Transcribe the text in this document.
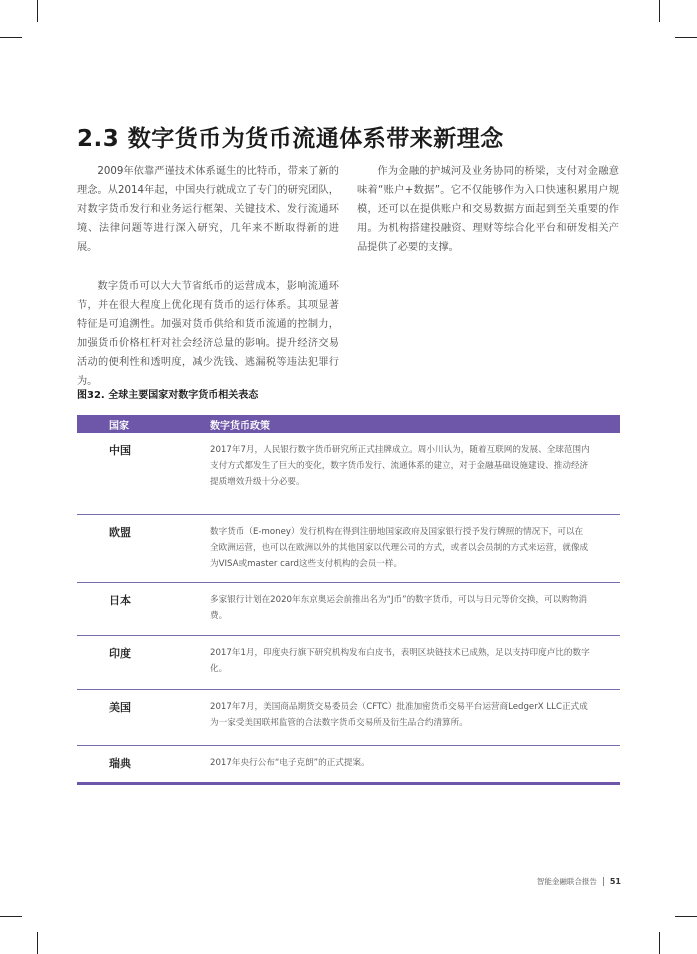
2.3 数字货币为货币流通体系带来新理念

2009年依靠严谨技术体系诞生的比特币，带来了新的理念。从2014年起，中国央行就成立了专门的研究团队，对数字货币发行和业务运行框架、关键技术、发行流通环境、法律问题等进行深入研究，几年来不断取得新的进展。

数字货币可以大大节省纸币的运营成本，影响流通环节，并在很大程度上优化现有货币的运行体系。其项显著特征是可追溯性。加强对货币供给和货币流通的控制力，加强货币价格杠杆对社会经济总量的影响。提升经济交易活动的便利性和透明度，减少洗钱、逃漏税等违法犯罪行为。

作为金融的护城河及业务协同的桥梁，支付对金融意味着“账户+数据”。它不仅能够作为入口快速积累用户规模，还可以在提供账户和交易数据方面起到至关重要的作用。为机构搭建投融资、理财等综合化平台和研发相关产品提供了必要的支撑。

图32. 全球主要国家对数字货币相关表态
国家	数字货币政策
中国	2017年7月，人民银行数字货币研究所正式挂牌成立。周小川认为，随着互联网的发展、全球范围内支付方式都发生了巨大的变化，数字货币发行、流通体系的建立，对于金融基础设施建设、推动经济提质增效升级十分必要。
欧盟	数字货币（E-money）发行机构在得到注册地国家政府及国家银行授予发行牌照的情况下，可以在全欧洲运营，也可以在欧洲以外的其他国家以代理公司的方式，或者以会员制的方式来运营，就像成为VISA或master card这些支付机构的会员一样。
日本	多家银行计划在2020年东京奥运会前推出名为“J币”的数字货币，可以与日元等价交换，可以购物消费。
印度	2017年1月，印度央行旗下研究机构发布白皮书，表明区块链技术已成熟，足以支持印度卢比的数字化。
美国	2017年7月，美国商品期货交易委员会（CFTC）批准加密货币交易平台运营商LedgerX LLC正式成为一家受美国联邦监管的合法数字货币交易所及衍生品合约清算所。
瑞典	2017年央行公布“电子克朗”的正式提案。
智能金融联合报告 51
